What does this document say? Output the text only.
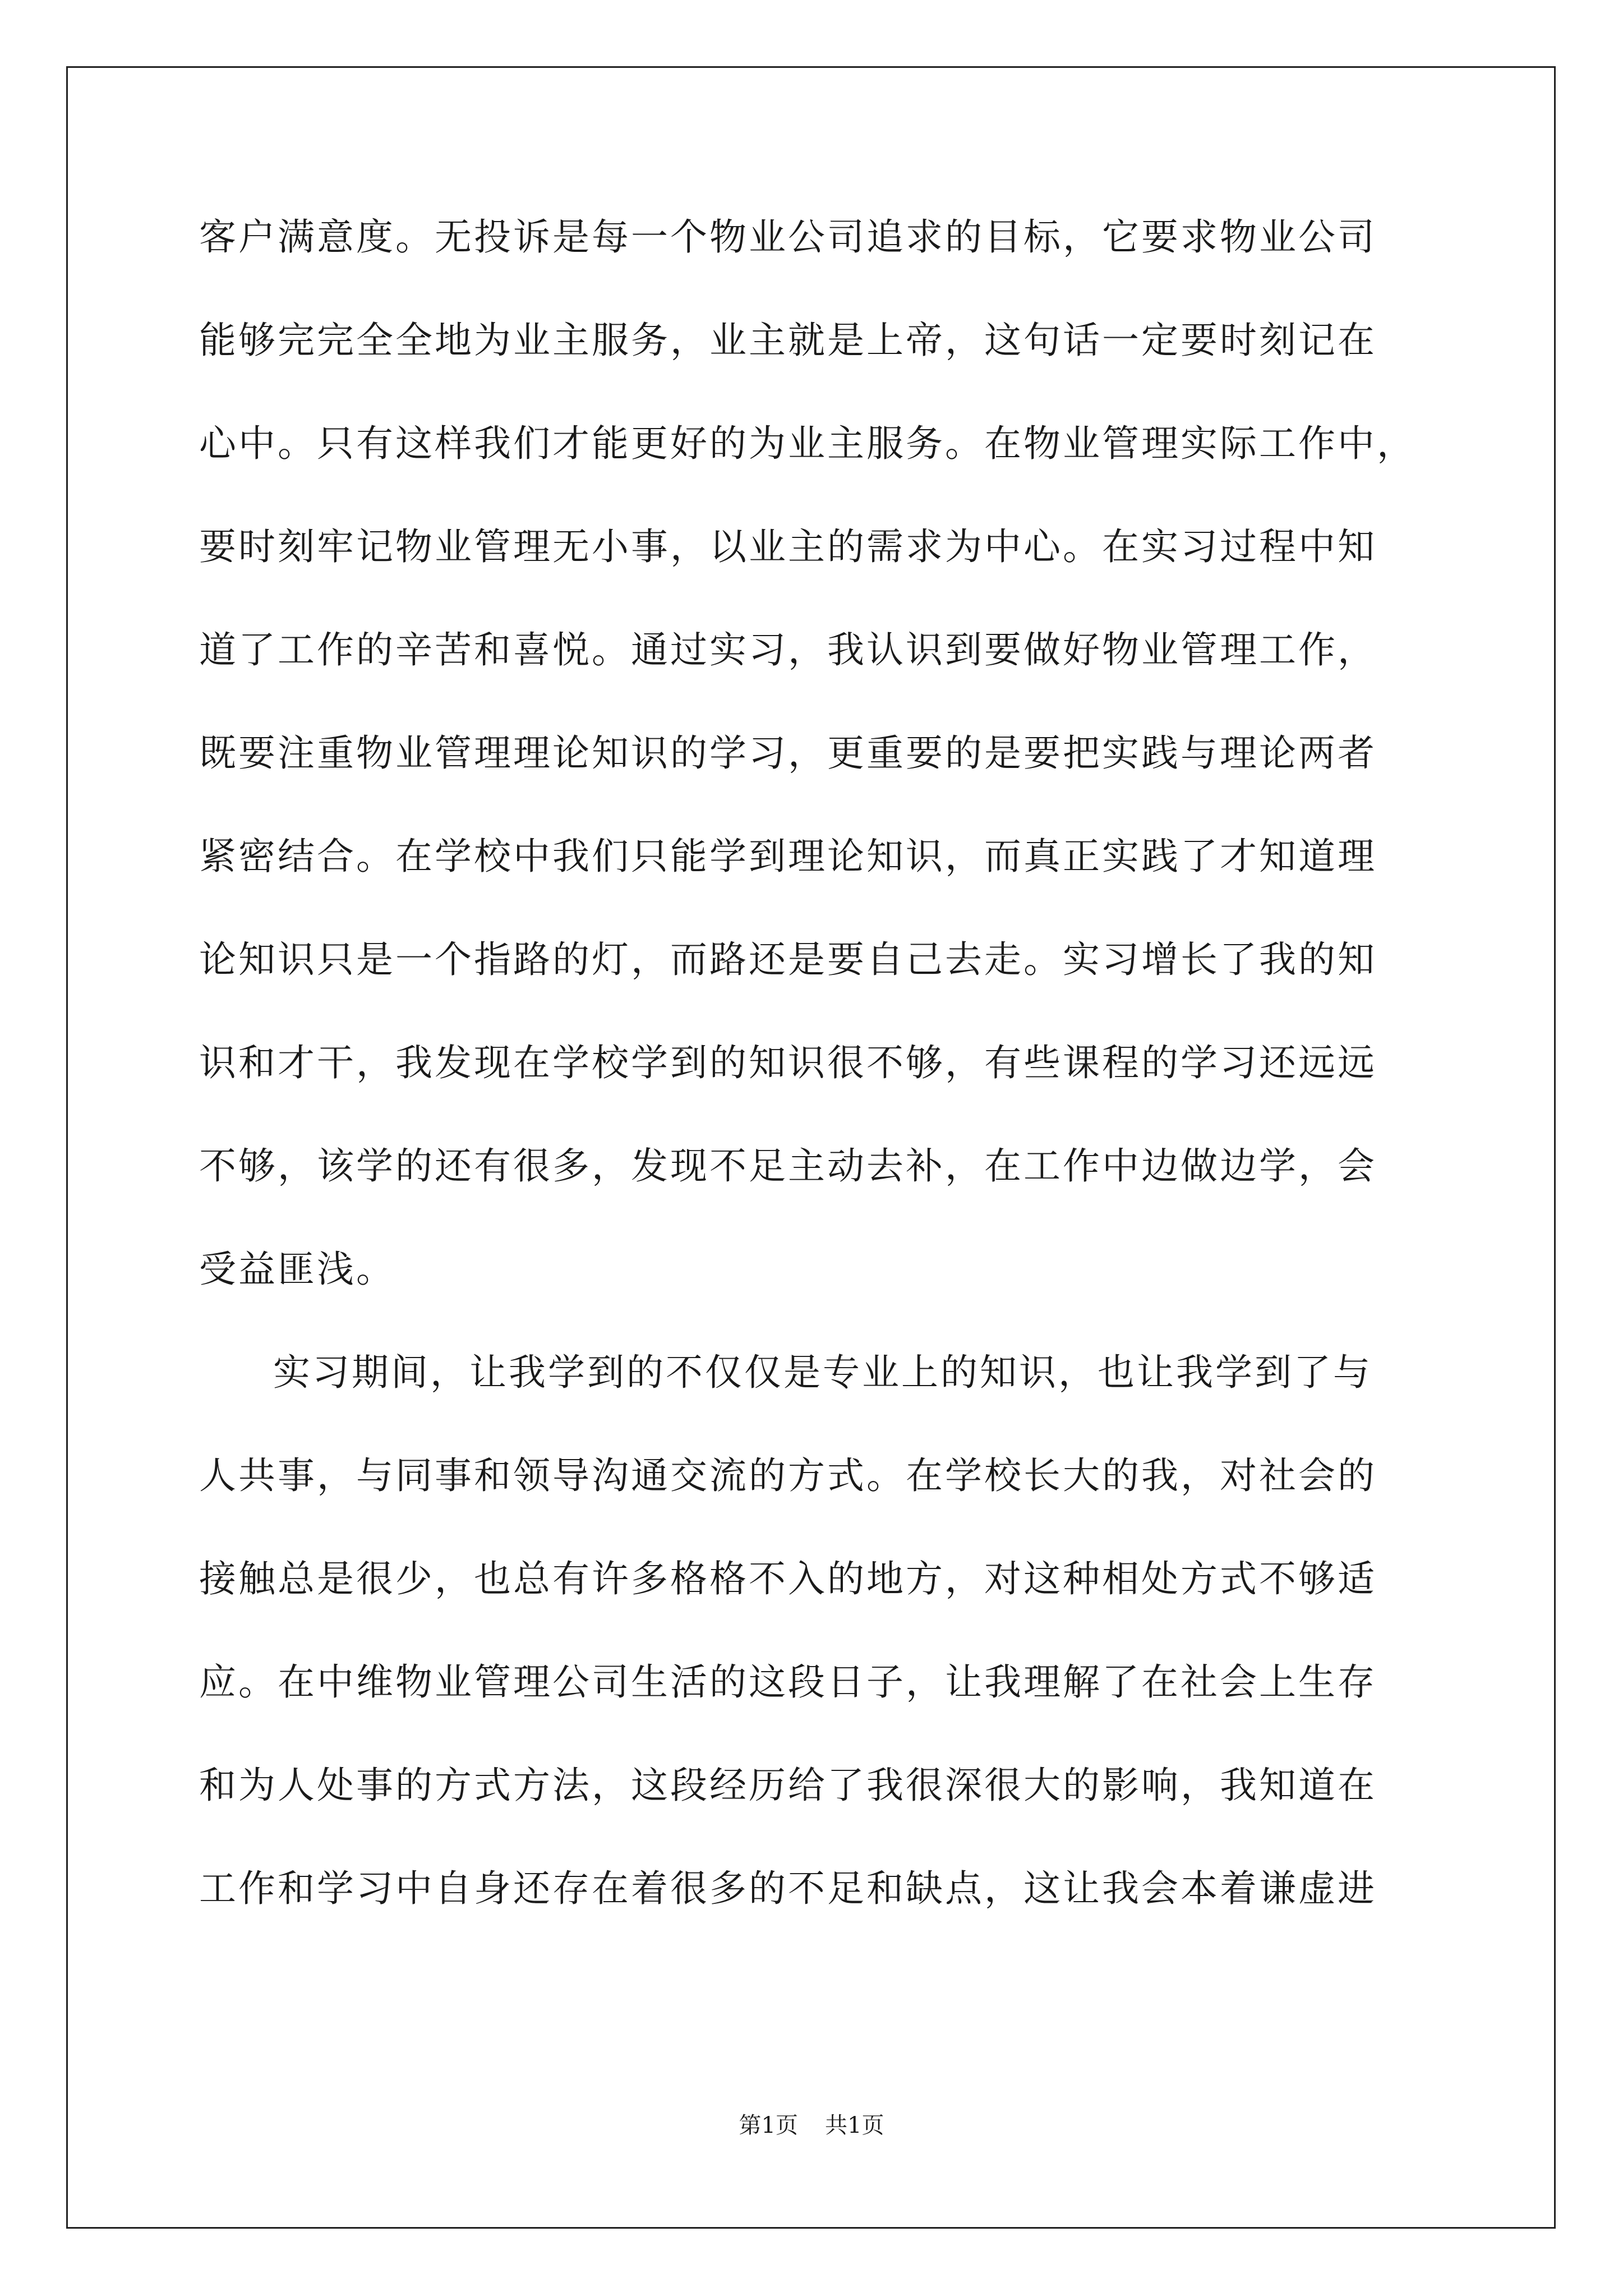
客户满意度。无投诉是每一个物业公司追求的目标，它要求物业公司
能够完完全全地为业主服务，业主就是上帝，这句话一定要时刻记在
心中。只有这样我们才能更好的为业主服务。在物业管理实际工作中，
要时刻牢记物业管理无小事，以业主的需求为中心。在实习过程中知
道了工作的辛苦和喜悦。通过实习，我认识到要做好物业管理工作，
既要注重物业管理理论知识的学习，更重要的是要把实践与理论两者
紧密结合。在学校中我们只能学到理论知识，而真正实践了才知道理
论知识只是一个指路的灯，而路还是要自己去走。实习增长了我的知
识和才干，我发现在学校学到的知识很不够，有些课程的学习还远远
不够，该学的还有很多，发现不足主动去补，在工作中边做边学，会
受益匪浅。
实习期间，让我学到的不仅仅是专业上的知识，也让我学到了与
人共事，与同事和领导沟通交流的方式。在学校长大的我，对社会的
接触总是很少，也总有许多格格不入的地方，对这种相处方式不够适
应。在中维物业管理公司生活的这段日子，让我理解了在社会上生存
和为人处事的方式方法，这段经历给了我很深很大的影响，我知道在
工作和学习中自身还存在着很多的不足和缺点，这让我会本着谦虚进
第1页 共1页
